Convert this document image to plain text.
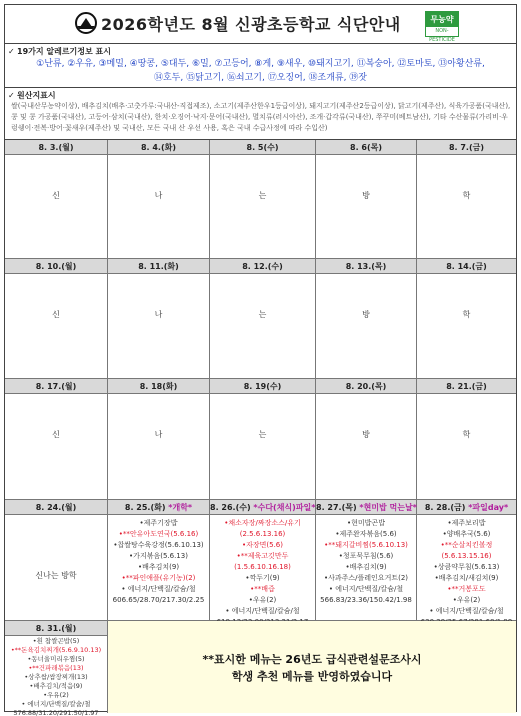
2026학년도 8월 신광초등학교 식단안내	무농약
NON-PESTICIDE
✓ 19가지 알레르기정보 표시
①난류, ②우유, ③메밀, ④땅콩, ⑤대두, ⑥밀, ⑦고등어, ⑧게, ⑨새우, ⑩돼지고기, ⑪복숭아, ⑫토마토, ⑬아황산류,
⑭호두, ⑮닭고기, ⑯쇠고기, ⑰오징어, ⑱조개류, ⑲잣
✓ 원산지표시
쌀(국내산무농약이상), 배추김치(배추·고춧가루:국내산-직접제조), 소고기(제주산한우1등급이상), 돼지고기(제주산2등급이상), 닭고기(제주산), 식육가공품(국내산), 콩 및 콩 가공품(국내산), 고등어·삼치(국내산), 한치·오징어·낙지·문어(국내산), 멸치류(러시아산), 조개·갑각류(국내산), 쭈꾸미(베트남산), 기타 수산물류(가리비·우렁쉥이·전복·방어·꽃새우(제주산) 및 국내산, 모든 국내 산 우선 사용, 혹은 국내 수급사정에 따라 수입산)
8. 3.(월)
신
8. 4.(화)
나
8. 5(수)
는
8. 6(목)
방
8. 7.(금)
학
8. 10.(월)
신
8. 11.(화)
나
8. 12.(수)
는
8. 13.(목)
방
8. 14.(금)
학
8. 17.(월)
신
8. 18(화)
나
8. 19(수)
는
8. 20.(목)
방
8. 21.(금)
학
8. 24.(월)
신나는 방학
8. 25.(화) *개학*
•제주기장밥
•**안유아도연국(5.6.16)
•찹쌀탕수육강정(5.6.10.13)
•가지볶음(5.6.13)
•배추김치(9)
•**파인애플(유기농)(2)
• 에너지/단백질/칼슘/철
606.65/28.70/217.30/2.25
8. 26.(수) *수다(채식)파일*
•채소자장/짜장소스/유기(2.5.6.13.16)
•자장면(5.6)
•**제육고깃만두(1.5.6.10.16.18)
•깍두기(9)
•**배즙
•우유(2)
• 에너지/단백질/칼슘/철
8. 27.(목) *현미밥 먹는날*
•현미밥곤밥
•제주완자볶음(5.6)
•**돼지갈비찜(5.6.10.13)
•청포묵무침(5.6)
•배추김치(9)
•사과주스/플레인요거트(2)
• 에너지/단백질/칼슘/철
566.83/23.36/150.42/1.98
8. 28.(금) *파일day*
•제주보리밥
•양배추국(5.6)
•**순살치킨볼정(5.6.13.15.16)
•상큼약무침(5.6.13)
•배추김치/새김치(9)
•**거봉포도
•우유(2)
• 에너지/단백질/칼슘/철
8. 31.(월)
•흰 찹쌀곤밥(5)
•**돈육김치찌개(5.6.9.10.13)
•동너울미리우찜(5)
•**건파래볶음(13)
•상추쌈/쌈장찌개(13)
•배추김치/적음(9)
•우유(2)
• 에너지/단백질/칼슘/철
576.88/31.20/291.50/1.97
**표시한 메뉴는 26년도 급식관련설문조사시
학생 추천 메뉴를 반영하였습니다
